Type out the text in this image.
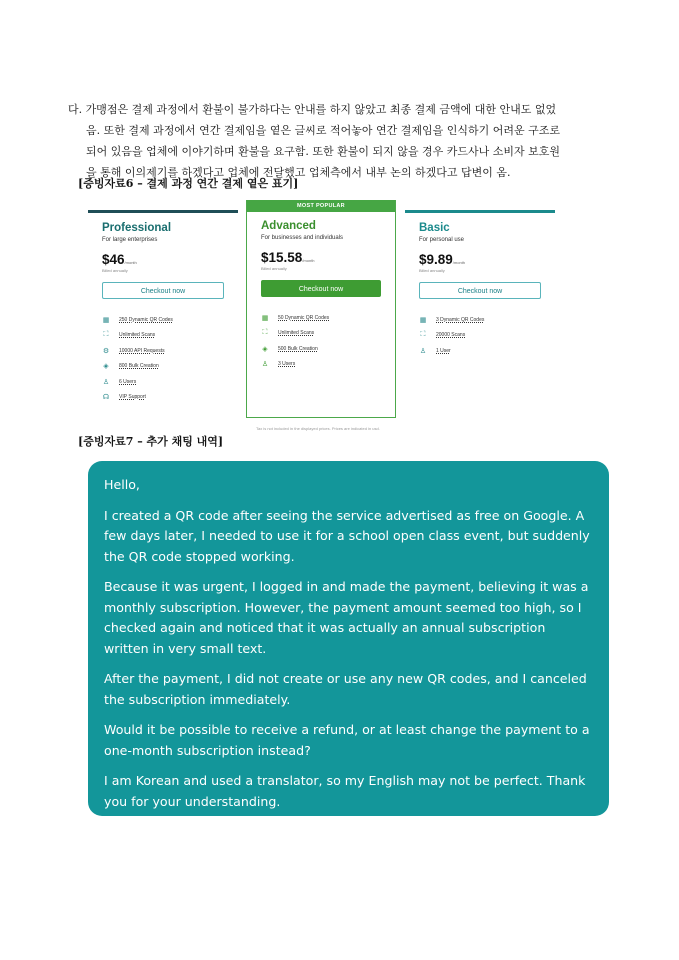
다. 가맹점은 결제 과정에서 환불이 불가하다는 안내를 하지 않았고 최종 결제 금액에 대한 안내도 없었
음. 또한 결제 과정에서 연간 결제임을 옅은 글씨로 적어놓아 연간 결제임을 인식하기 어려운 구조로
되어 있음을 업체에 이야기하며 환불을 요구함. 또한 환불이 되지 않을 경우 카드사나 소비자 보호원
을 통해 이의제기를 하겠다고 업체에 전달했고 업체측에서 내부 논의 하겠다고 답변이 옴.
[증빙자료6 – 결제 과정 연간 결제 옅은 표기]
Professional
For large enterprises
$46/month
Billed annually
Checkout now
▦ 250 Dynamic QR Codes
⛶	Unlimited Scans
⚙ 10000 API Requests
◈ 800 Bulk Creation
♙ 6 Users
☊ VIP Support
MOST POPULAR
Advanced
For businesses and individuals
$15.58/month
Billed annually
Checkout now
▦ 50 Dynamic QR Codes
⛶	Unlimited Scans
◈ 500 Bulk Creation
♙ 3 Users
Basic
For personal use
$9.89/month
Billed annually
Checkout now
▦ 3 Dynamic QR Codes
⛶	20000 Scans
♙ 1 User
Tax is not included in the displayed prices. Prices are indicated in usd.
[증빙자료7 – 추가 채팅 내역]

Hello,

I created a QR code after seeing the service advertised as free on Google. A few days later, I needed to use it for a school open class event, but suddenly the QR code stopped working.

Because it was urgent, I logged in and made the payment, believing it was a monthly subscription. However, the payment amount seemed too high, so I checked again and noticed that it was actually an annual subscription written in very small text.

After the payment, I did not create or use any new QR codes, and I canceled the subscription immediately.

Would it be possible to receive a refund, or at least change the payment to a one-month subscription instead?

I am Korean and used a translator, so my English may not be perfect. Thank you for your understanding.

Thank you.
